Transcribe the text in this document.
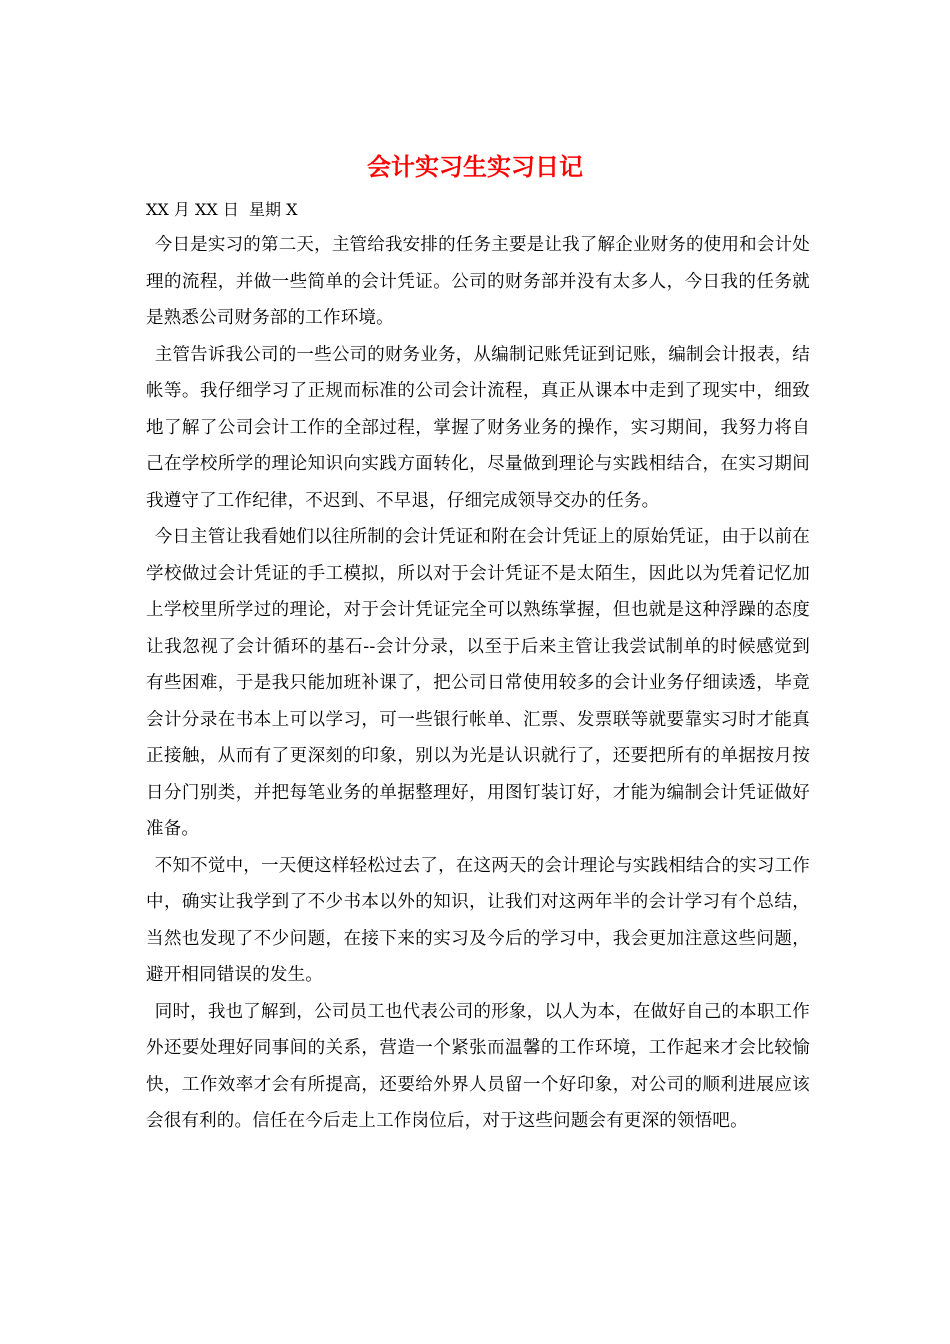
会计实习生实习日记

XX 月 XX 日  星期 X

今日是实习的第二天，主管给我安排的任务主要是让我了解企业财务的使用和会计处理的流程，并做一些简单的会计凭证。公司的财务部并没有太多人，今日我的任务就是熟悉公司财务部的工作环境。

主管告诉我公司的一些公司的财务业务，从编制记账凭证到记账，编制会计报表，结帐等。我仔细学习了正规而标准的公司会计流程，真正从课本中走到了现实中，细致地了解了公司会计工作的全部过程，掌握了财务业务的操作，实习期间，我努力将自己在学校所学的理论知识向实践方面转化，尽量做到理论与实践相结合，在实习期间我遵守了工作纪律，不迟到、不早退，仔细完成领导交办的任务。

今日主管让我看她们以往所制的会计凭证和附在会计凭证上的原始凭证，由于以前在学校做过会计凭证的手工模拟，所以对于会计凭证不是太陌生，因此以为凭着记忆加上学校里所学过的理论，对于会计凭证完全可以熟练掌握，但也就是这种浮躁的态度让我忽视了会计循环的基石--会计分录，以至于后来主管让我尝试制单的时候感觉到有些困难，于是我只能加班补课了，把公司日常使用较多的会计业务仔细读透，毕竟会计分录在书本上可以学习，可一些银行帐单、汇票、发票联等就要靠实习时才能真正接触，从而有了更深刻的印象，别以为光是认识就行了，还要把所有的单据按月按日分门别类，并把每笔业务的单据整理好，用图钉装订好，才能为编制会计凭证做好准备。

不知不觉中，一天便这样轻松过去了，在这两天的会计理论与实践相结合的实习工作中，确实让我学到了不少书本以外的知识，让我们对这两年半的会计学习有个总结，当然也发现了不少问题，在接下来的实习及今后的学习中，我会更加注意这些问题，避开相同错误的发生。

同时，我也了解到，公司员工也代表公司的形象，以人为本，在做好自己的本职工作外还要处理好同事间的关系，营造一个紧张而温馨的工作环境，工作起来才会比较愉快，工作效率才会有所提高，还要给外界人员留一个好印象，对公司的顺利进展应该会很有利的。信任在今后走上工作岗位后，对于这些问题会有更深的领悟吧。
